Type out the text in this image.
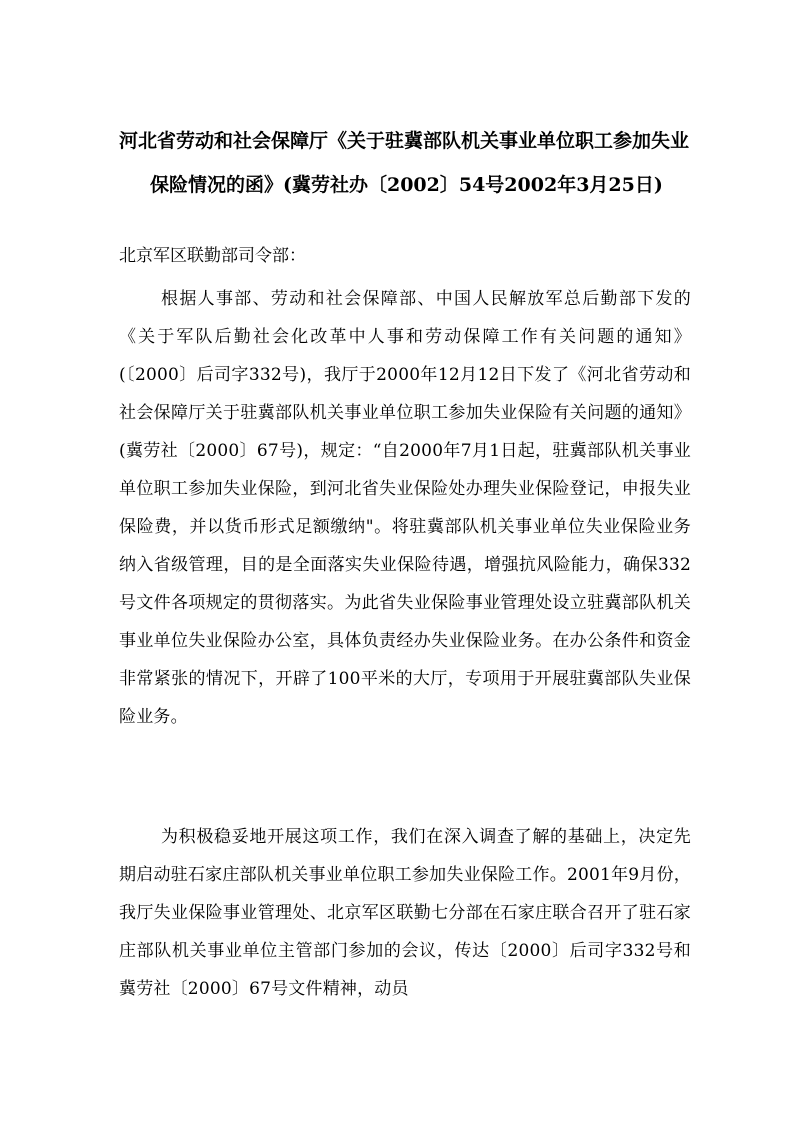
河北省劳动和社会保障厅《关于驻冀部队机关事业单位职工参加失业
保险情况的函》(冀劳社办〔2002〕54号2002年3月25日)
北京军区联勤部司令部：
根据人事部、劳动和社会保障部、中国人民解放军总后勤部下发的《关于军队后勤社会化改革中人事和劳动保障工作有关问题的通知》(〔2000〕后司字332号)，我厅于2000年12月12日下发了《河北省劳动和社会保障厅关于驻冀部队机关事业单位职工参加失业保险有关问题的通知》(冀劳社〔2000〕67号)，规定：“自2000年7月1日起，驻冀部队机关事业单位职工参加失业保险，到河北省失业保险处办理失业保险登记，申报失业保险费，并以货币形式足额缴纳"。将驻冀部队机关事业单位失业保险业务纳入省级管理，目的是全面落实失业保险待遇，增强抗风险能力，确保332号文件各项规定的贯彻落实。为此省失业保险事业管理处设立驻冀部队机关事业单位失业保险办公室，具体负责经办失业保险业务。在办公条件和资金非常紧张的情况下，开辟了100平米的大厅，专项用于开展驻冀部队失业保险业务。
为积极稳妥地开展这项工作，我们在深入调查了解的基础上，决定先期启动驻石家庄部队机关事业单位职工参加失业保险工作。2001年9月份，我厅失业保险事业管理处、北京军区联勤七分部在石家庄联合召开了驻石家庄部队机关事业单位主管部门参加的会议，传达〔2000〕后司字332号和冀劳社〔2000〕67号文件精神，动员
